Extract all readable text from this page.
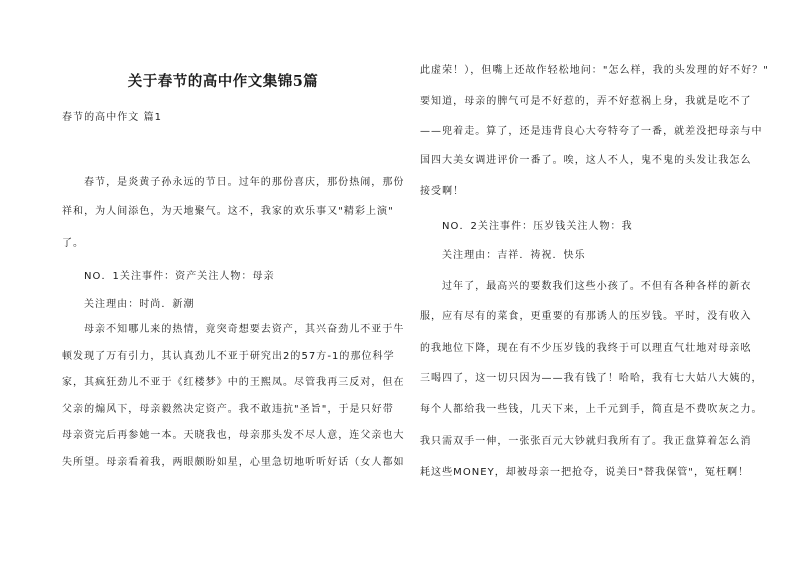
关于春节的高中作文集锦5篇
春节的高中作文 篇1
春节，是炎黄子孙永远的节日。过年的那份喜庆，那份热闹，那份
祥和，为人间添色，为天地聚气。这不，我家的欢乐事又"精彩上演"
了。
NO．1关注事件：资产关注人物：母亲
关注理由：时尚．新潮
母亲不知哪儿来的热情，竟突奇想要去资产，其兴奋劲儿不亚于牛
顿发现了万有引力，其认真劲儿不亚于研究出2的57方-1的那位科学
家，其疯狂劲儿不亚于《红楼梦》中的王熙凤。尽管我再三反对，但在
父亲的煽风下，母亲毅然决定资产。我不敢违抗"圣旨"，于是只好带
母亲资完后再参她一本。天晓我也，母亲那头发不尽人意，连父亲也大
失所望。母亲看着我，两眼颇盼如星，心里急切地听听好话（女人都如
此虚荣！），但嘴上还故作轻松地问："怎么样，我的头发理的好不好？"
要知道，母亲的脾气可是不好惹的，弄不好惹祸上身，我就是吃不了
——兜着走。算了，还是违背良心大夸特夸了一番，就差没把母亲与中
国四大美女调进评价一番了。唉，这人不人，鬼不鬼的头发让我怎么
接受啊！
NO．2关注事件：压岁钱关注人物：我
关注理由：吉祥．祷祝．快乐
过年了，最高兴的要数我们这些小孩了。不但有各种各样的新衣
服，应有尽有的菜食，更重要的有那诱人的压岁钱。平时，没有收入
的我地位下降，现在有不少压岁钱的我终于可以理直气壮地对母亲吆
三喝四了，这一切只因为——我有钱了！哈哈，我有七大姑八大姨的，
每个人都给我一些钱，几天下来，上千元到手，简直是不费吹灰之力。
我只需双手一伸，一张张百元大钞就归我所有了。我正盘算着怎么消
耗这些MONEY，却被母亲一把抢夺，说美曰"替我保管"，冤枉啊！
